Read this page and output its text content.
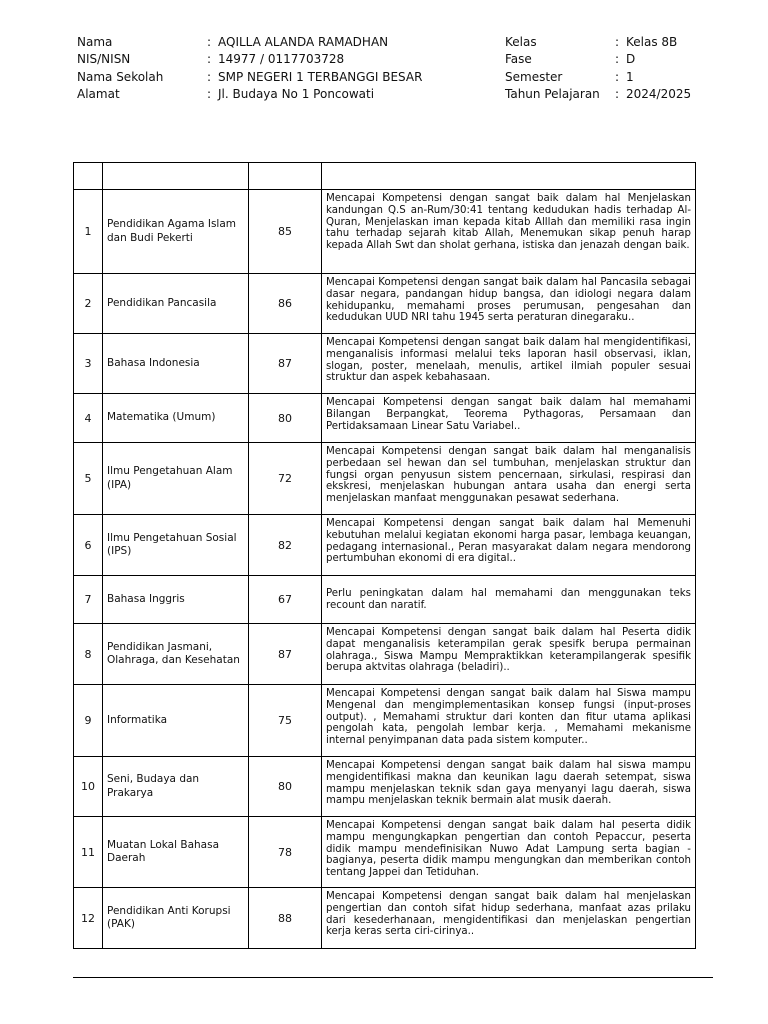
Nama	: AQILLA ALANDA RAMADHAN
NIS/NISN	: 14977 / 0117703728
Nama Sekolah	: SMP NEGERI 1 TERBANGGI BESAR
Alamat	: Jl. Budaya No 1 Poncowati
Kelas	: Kelas 8B
Fase	: D
Semester	: 1
Tahun Pelajaran	: 2024/2025

1	Pendidikan Agama Islam dan Budi Pekerti	85	Mencapai Kompetensi dengan sangat baik dalam hal Menjelaskan kandungan Q.S an-Rum/30:41 tentang kedudukan hadis terhadap Al-Quran, Menjelaskan iman kepada kitab Alllah dan memiliki rasa ingin tahu terhadap sejarah kitab Allah, Menemukan sikap penuh harap kepada Allah Swt dan sholat gerhana, istiska dan jenazah dengan baik.
2	Pendidikan Pancasila	86	Mencapai Kompetensi dengan sangat baik dalam hal Pancasila sebagai dasar negara, pandangan hidup bangsa, dan idiologi negara dalam kehidupanku, memahami proses perumusan, pengesahan dan kedudukan UUD NRI tahu 1945 serta peraturan dinegaraku..
3	Bahasa Indonesia	87	Mencapai Kompetensi dengan sangat baik dalam hal mengidentifikasi, menganalisis informasi melalui teks laporan hasil observasi, iklan, slogan, poster, menelaah, menulis, artikel ilmiah populer sesuai struktur dan aspek kebahasaan.
4	Matematika (Umum)	80	Mencapai Kompetensi dengan sangat baik dalam hal memahami Bilangan Berpangkat, Teorema Pythagoras, Persamaan dan Pertidaksamaan Linear Satu Variabel..
5	Ilmu Pengetahuan Alam (IPA)	72	Mencapai Kompetensi dengan sangat baik dalam hal menganalisis perbedaan sel hewan dan sel tumbuhan, menjelaskan struktur dan fungsi organ penyusun sistem pencernaan, sirkulasi, respirasi dan ekskresi, menjelaskan hubungan antara usaha dan energi serta menjelaskan manfaat menggunakan pesawat sederhana.
6	Ilmu Pengetahuan Sosial (IPS)	82	Mencapai Kompetensi dengan sangat baik dalam hal Memenuhi kebutuhan melalui kegiatan ekonomi harga pasar, lembaga keuangan, pedagang internasional., Peran masyarakat dalam negara mendorong pertumbuhan ekonomi di era digital..
7	Bahasa Inggris	67	Perlu peningkatan dalam hal memahami dan menggunakan teks recount dan naratif.
8	Pendidikan Jasmani, Olahraga, dan Kesehatan	87	Mencapai Kompetensi dengan sangat baik dalam hal Peserta didik dapat menganalisis keterampilan gerak spesifk berupa permainan olahraga., Siswa Mampu Mempraktikkan keterampilangerak spesifik berupa aktvitas olahraga (beladiri)..
9	Informatika	75	Mencapai Kompetensi dengan sangat baik dalam hal Siswa mampu Mengenal dan mengimplementasikan konsep fungsi (input-proses output). , Memahami struktur dari konten dan fitur utama aplikasi pengolah kata, pengolah lembar kerja. , Memahami mekanisme internal penyimpanan data pada sistem komputer..
10	Seni, Budaya dan Prakarya	80	Mencapai Kompetensi dengan sangat baik dalam hal siswa mampu mengidentifikasi makna dan keunikan lagu daerah setempat, siswa mampu menjelaskan teknik sdan gaya menyanyi lagu daerah, siswa mampu menjelaskan teknik bermain alat musik daerah.
11	Muatan Lokal Bahasa Daerah	78	Mencapai Kompetensi dengan sangat baik dalam hal peserta didik mampu mengungkapkan pengertian dan contoh Pepaccur, peserta didik mampu mendefinisikan Nuwo Adat Lampung serta bagian - bagianya, peserta didik mampu mengungkan dan memberikan contoh tentang Jappei dan Tetiduhan.
12	Pendidikan Anti Korupsi (PAK)	88	Mencapai Kompetensi dengan sangat baik dalam hal menjelaskan pengertian dan contoh sifat hidup sederhana, manfaat azas prilaku dari kesederhanaan, mengidentifikasi dan menjelaskan pengertian kerja keras serta ciri-cirinya..
